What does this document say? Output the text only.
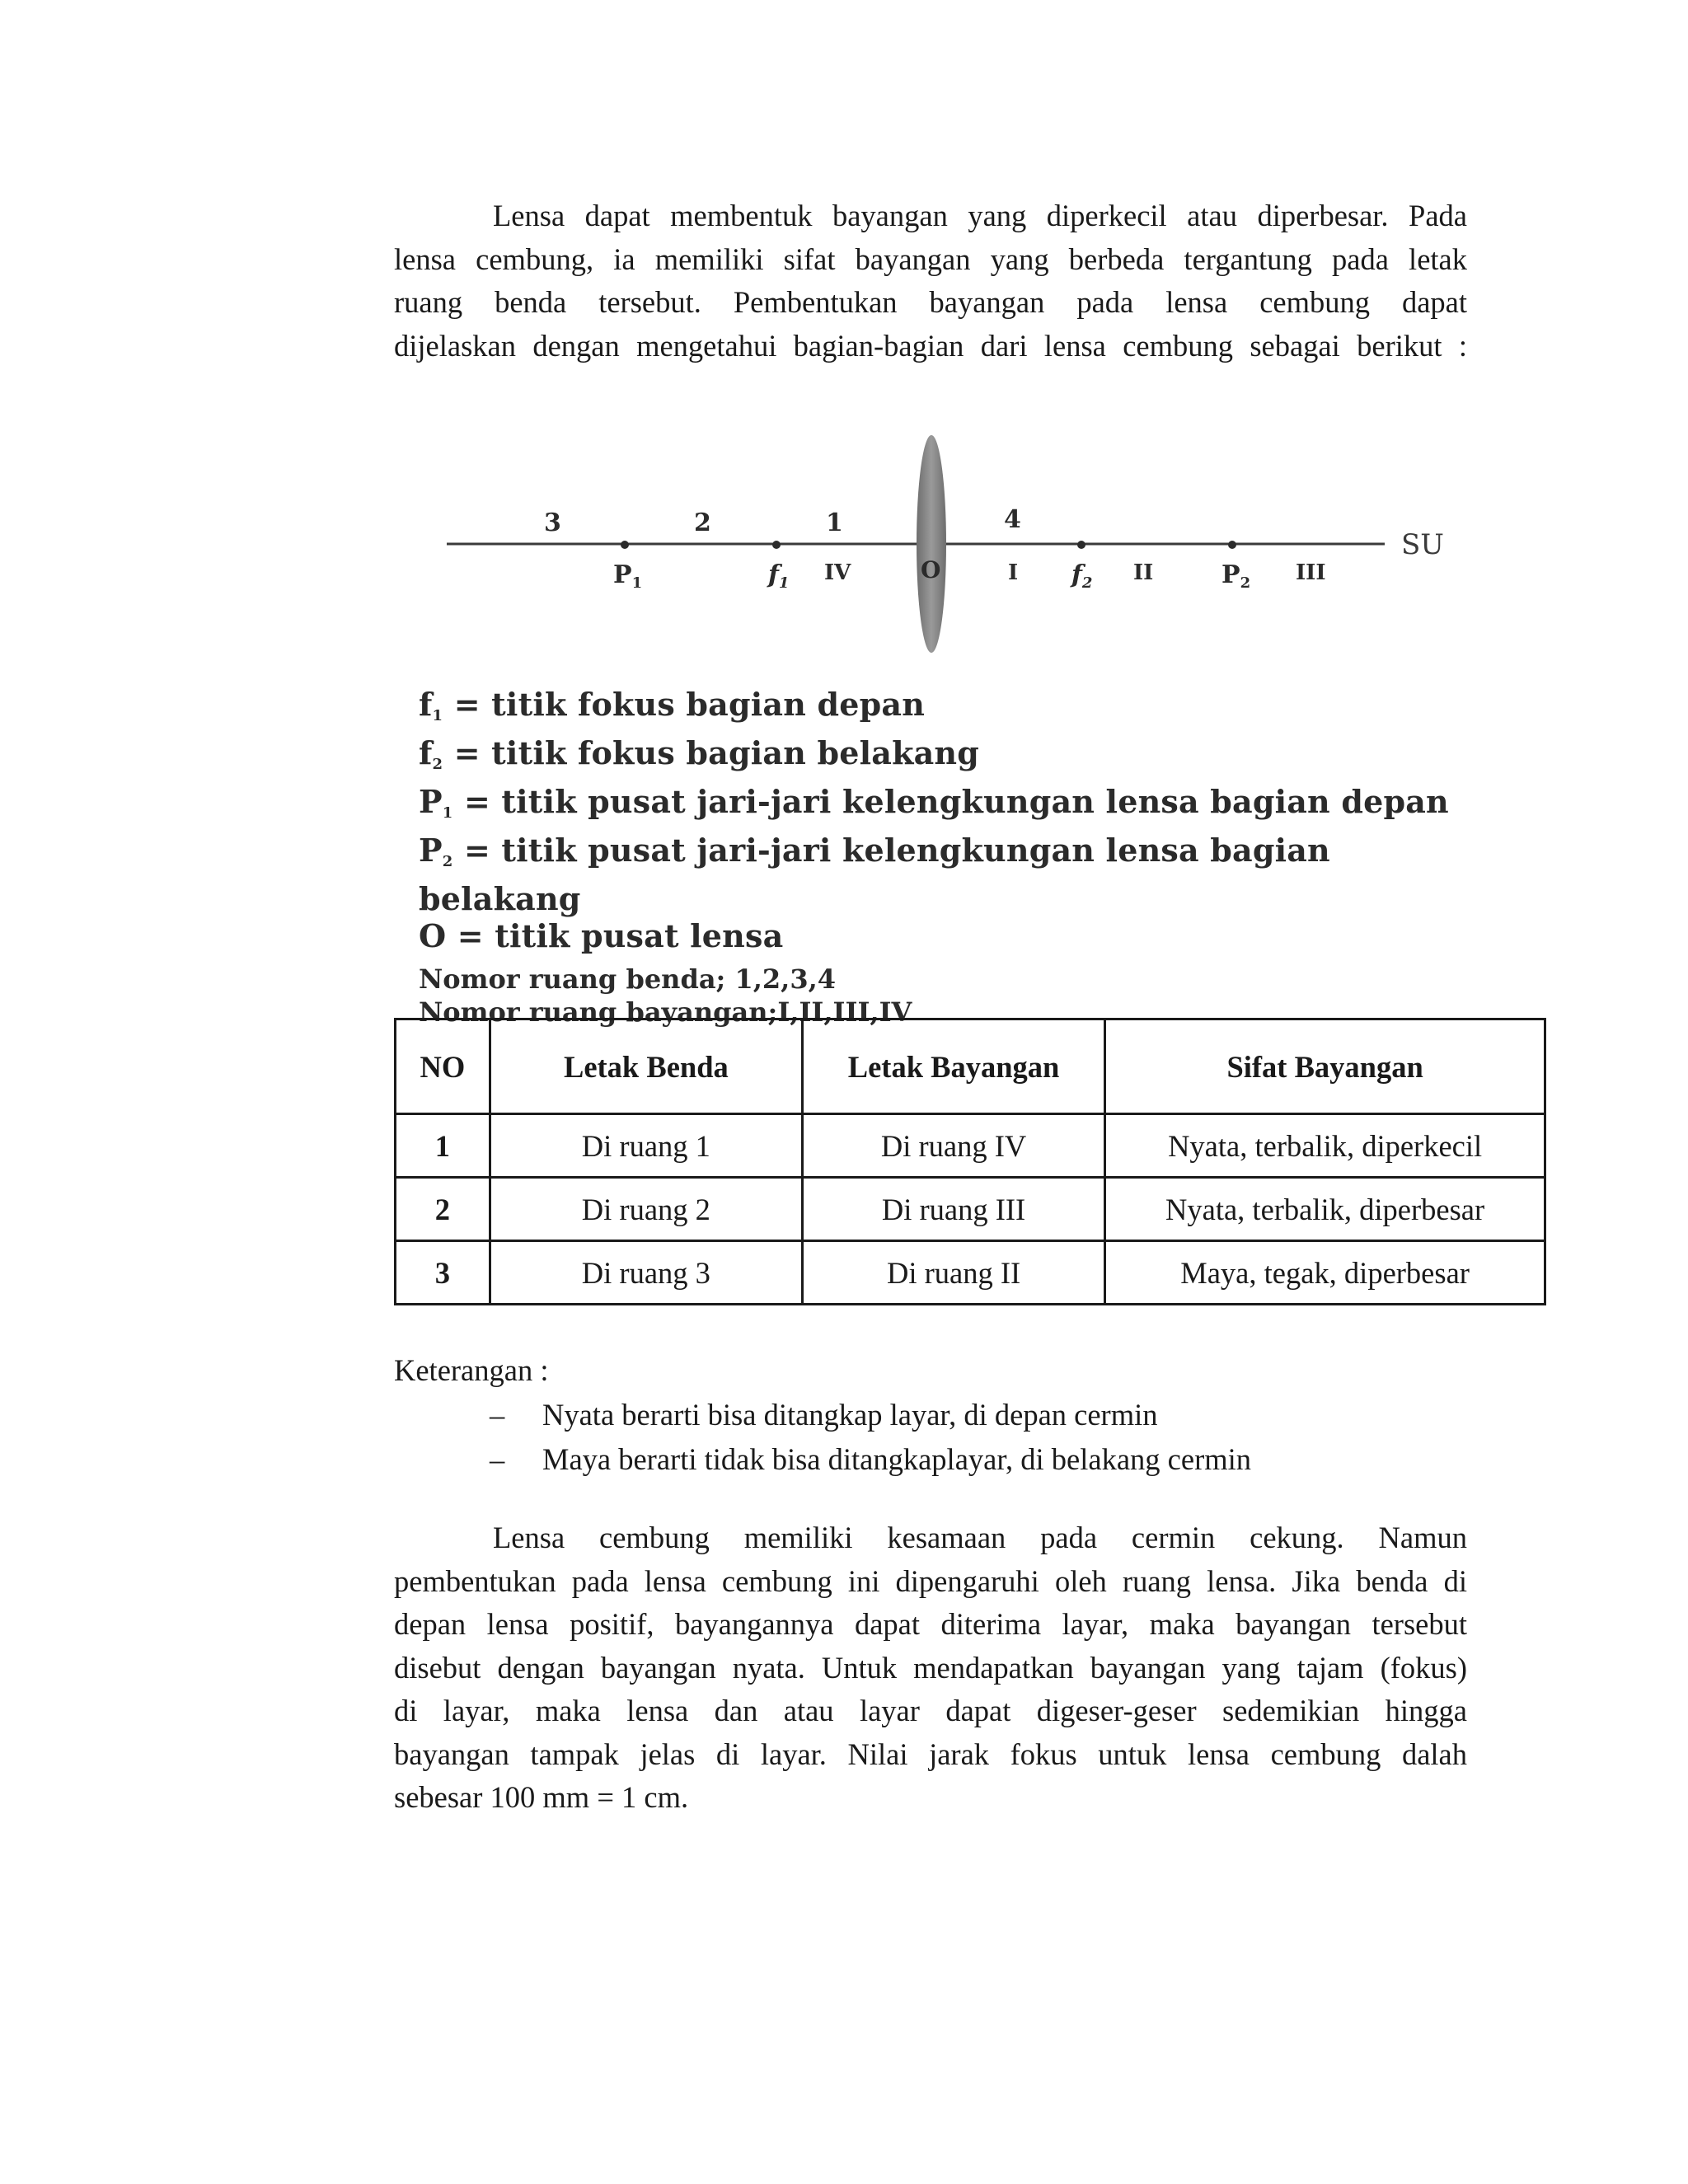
Lensa dapat membentuk bayangan yang diperkecil atau diperbesar. Pada
lensa cembung, ia memiliki sifat bayangan yang berbeda tergantung pada letak
ruang benda tersebut. Pembentukan bayangan pada lensa cembung dapat
dijelaskan dengan mengetahui bagian-bagian dari lensa cembung sebagai berikut :

3	2	1	4
$P_1$	$f_1$	O	$f_2$	$P_2$
IV	I	II	III
SU
$f_1$ = titik fokus bagian depan
$f_2$ = titik fokus bagian belakang
$P_1$ = titik pusat jari-jari kelengkungan lensa bagian depan
$P_2$ = titik pusat jari-jari kelengkungan lensa bagian belakang
O = titik pusat lensa
Nomor ruang benda; 1,2,3,4
Nomor ruang bayangan;I,II,III,IV
NO	Letak Benda	Letak Bayangan	Sifat Bayangan
1	Di ruang 1	Di ruang IV	Nyata, terbalik, diperkecil
2	Di ruang 2	Di ruang III	Nyata, terbalik, diperbesar
3	Di ruang 3	Di ruang II	Maya, tegak, diperbesar
Keterangan :
– Nyata berarti bisa ditangkap layar, di depan cermin
– Maya berarti tidak bisa ditangkaplayar, di belakang cermin

Lensa cembung memiliki kesamaan pada cermin cekung. Namun
pembentukan pada lensa cembung ini dipengaruhi oleh ruang lensa. Jika benda di
depan lensa positif, bayangannya dapat diterima layar, maka bayangan tersebut
disebut dengan bayangan nyata. Untuk mendapatkan bayangan yang tajam (fokus)
di layar, maka lensa dan atau layar dapat digeser-geser sedemikian hingga
bayangan tampak jelas di layar. Nilai jarak fokus untuk lensa cembung dalah
sebesar 100 mm = 1 cm.
